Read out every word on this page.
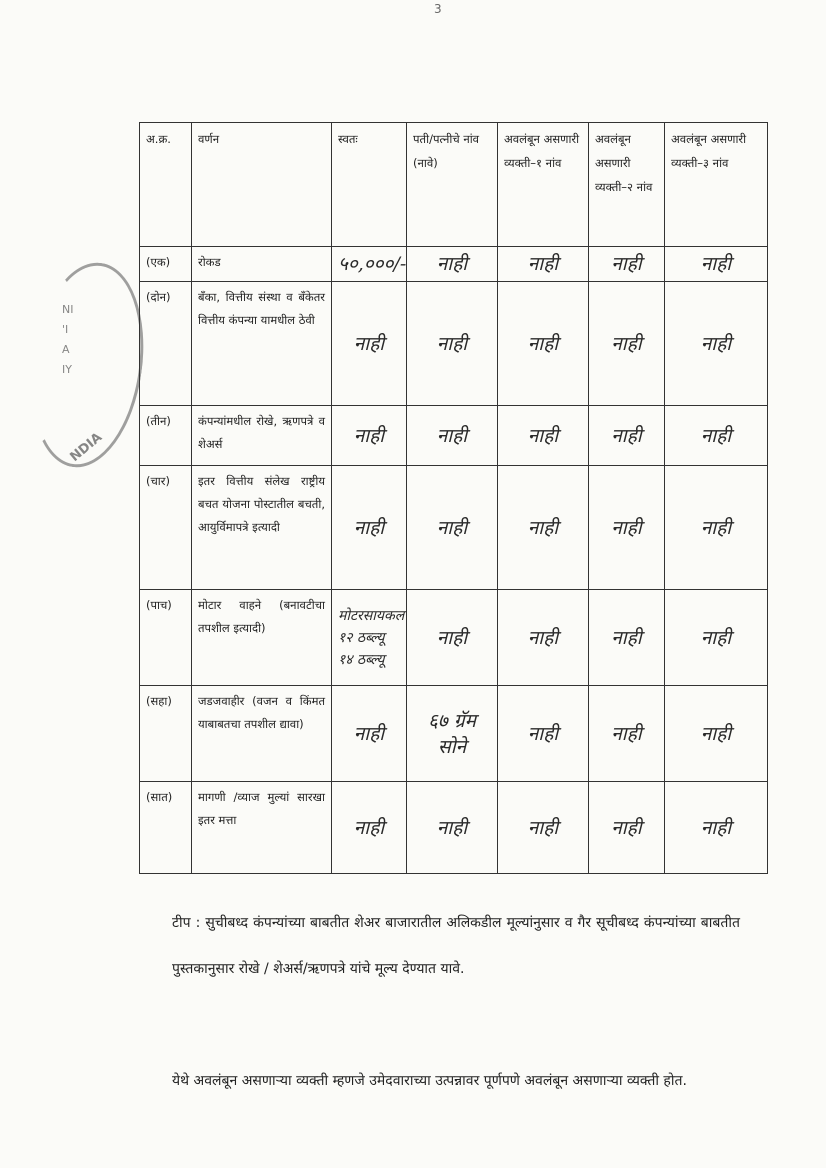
3
NI
'I
A
IY
NDIA
अ.क्र.	वर्णन	स्वतः	पती/पत्नीचे नांव (नावे)	अवलंबून असणारी व्यक्ती–१ नांव	अवलंबून असणारी व्यक्ती–२ नांव	अवलंबून असणारी व्यक्ती–३ नांव
(एक)	रोकड	५०,०००/-	नाही	नाही	नाही	नाही
(दोन)	बँका, वित्तीय संस्था व बँकेतर वित्तीय कंपन्या यामधील ठेवी	नाही	नाही	नाही	नाही	नाही
(तीन)	कंपन्यांमधील रोखे, ऋणपत्रे व शेअर्स	नाही	नाही	नाही	नाही	नाही
(चार)	इतर वित्तीय संलेख राष्ट्रीय बचत योजना पोस्टातील बचती, आयुर्विमापत्रे इत्यादी	नाही	नाही	नाही	नाही	नाही
(पाच)	मोटार वाहने (बनावटीचा तपशील इत्यादी)	मोटरसायकल
१२ ठब्ल्यू
१४ ठब्ल्यू	नाही	नाही	नाही	नाही
(सहा)	जडजवाहीर (वजन व किंमत याबाबतचा तपशील द्यावा)	नाही	६७ ग्रॅम सोने	नाही	नाही	नाही
(सात)	मागणी /व्याज मुल्यां सारखा इतर मत्ता	नाही	नाही	नाही	नाही	नाही
टीप : सुचीबध्द कंपन्यांच्या बाबतीत शेअर बाजारातील अलिकडील मूल्यांनुसार व गैर सूचीबध्द कंपन्यांच्या बाबतीत पुस्तकानुसार रोखे / शेअर्स/ऋणपत्रे यांचे मूल्य देण्यात यावे.
येथे अवलंबून असणाऱ्या व्यक्ती म्हणजे उमेदवाराच्या उत्पन्नावर पूर्णपणे अवलंबून असणाऱ्या व्यक्ती होत.
